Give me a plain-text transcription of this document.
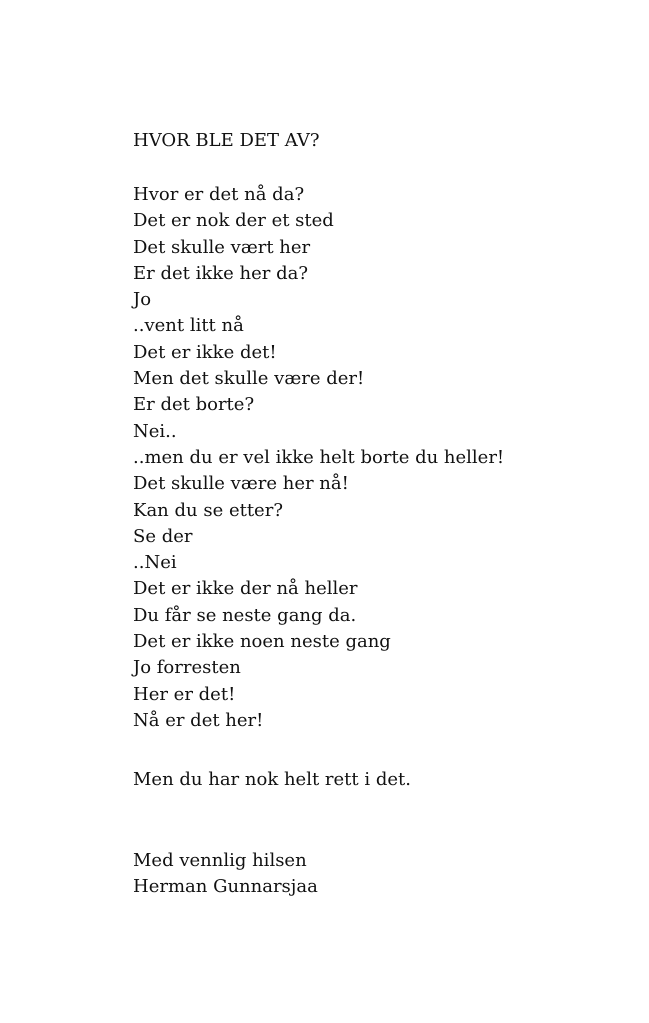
HVOR BLE DET AV?
Hvor er det nå da?
Det er nok der et sted
Det skulle vært her
Er det ikke her da?
Jo
..vent litt nå
Det er ikke det!
Men det skulle være der!
Er det borte?
Nei..
..men du er vel ikke helt borte du heller!
Det skulle være her nå!
Kan du se etter?
Se der
..Nei
Det er ikke der nå heller
Du får se neste gang da.
Det er ikke noen neste gang
Jo forresten
Her er det!
Nå er det her!
Men du har nok helt rett i det.
Med vennlig hilsen
Herman Gunnarsjaa
